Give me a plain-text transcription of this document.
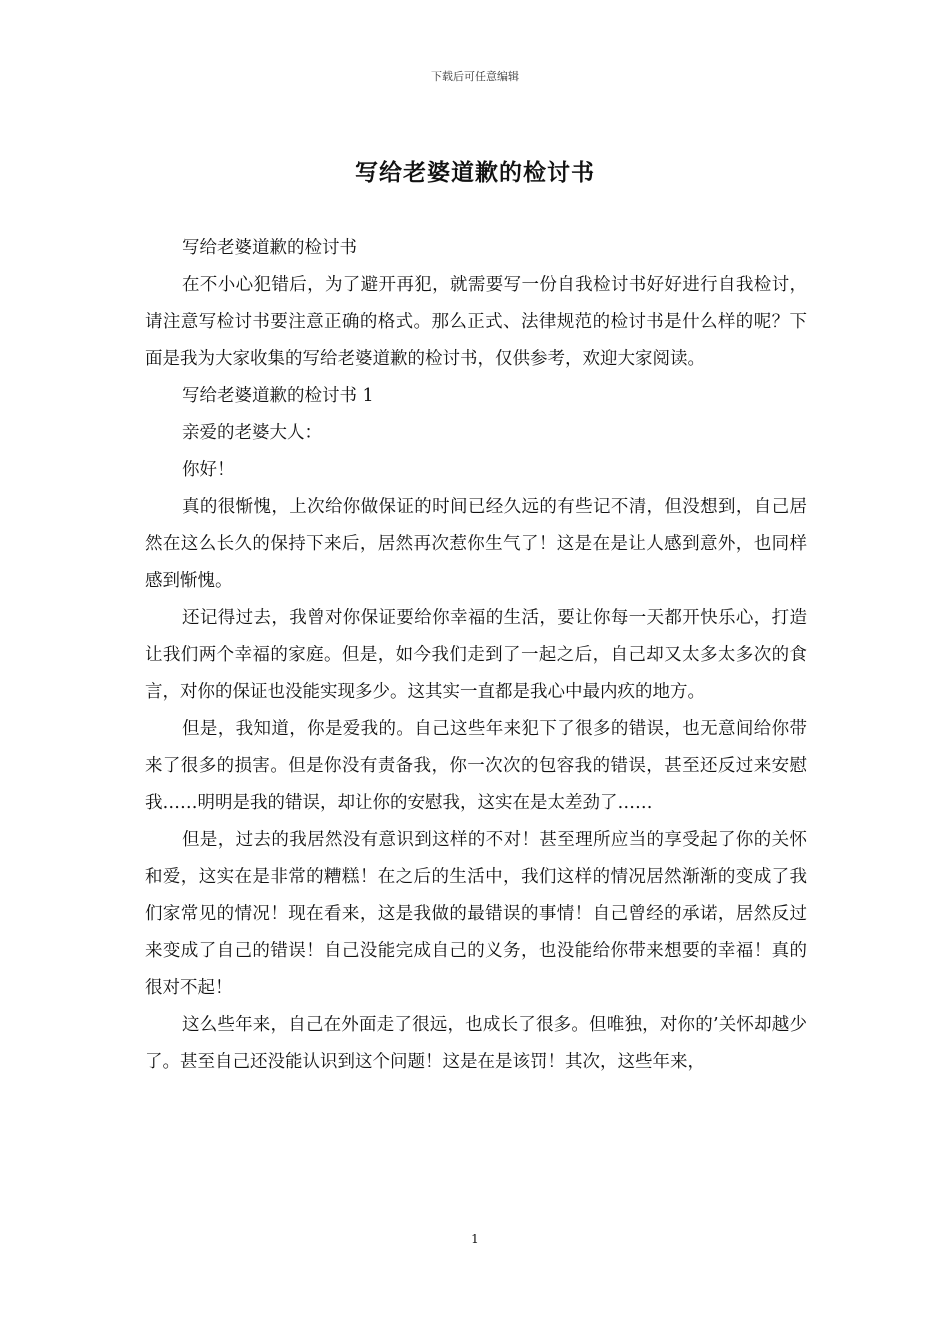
下载后可任意编辑
写给老婆道歉的检讨书

写给老婆道歉的检讨书

在不小心犯错后，为了避开再犯，就需要写一份自我检讨书好好进行自我检讨，请注意写检讨书要注意正确的格式。那么正式、法律规范的检讨书是什么样的呢？下面是我为大家收集的写给老婆道歉的检讨书，仅供参考，欢迎大家阅读。

写给老婆道歉的检讨书 1

亲爱的老婆大人：

你好！

真的很惭愧，上次给你做保证的时间已经久远的有些记不清，但没想到，自己居然在这么长久的保持下来后，居然再次惹你生气了！这是在是让人感到意外，也同样感到惭愧。

还记得过去，我曾对你保证要给你幸福的生活，要让你每一天都开快乐心，打造让我们两个幸福的家庭。但是，如今我们走到了一起之后，自己却又太多太多次的食言，对你的保证也没能实现多少。这其实一直都是我心中最内疚的地方。

但是，我知道，你是爱我的。自己这些年来犯下了很多的错误，也无意间给你带来了很多的损害。但是你没有责备我，你一次次的包容我的错误，甚至还反过来安慰我……明明是我的错误，却让你的安慰我，这实在是太差劲了……

但是，过去的我居然没有意识到这样的不对！甚至理所应当的享受起了你的关怀和爱，这实在是非常的糟糕！在之后的生活中，我们这样的情况居然渐渐的变成了我们家常见的情况！现在看来，这是我做的最错误的事情！自己曾经的承诺，居然反过来变成了自己的错误！自己没能完成自己的义务，也没能给你带来想要的幸福！真的很对不起！

这么些年来，自己在外面走了很远，也成长了很多。但唯独，对你的’关怀却越少了。甚至自己还没能认识到这个问题！这是在是该罚！其次，这些年来，

1
